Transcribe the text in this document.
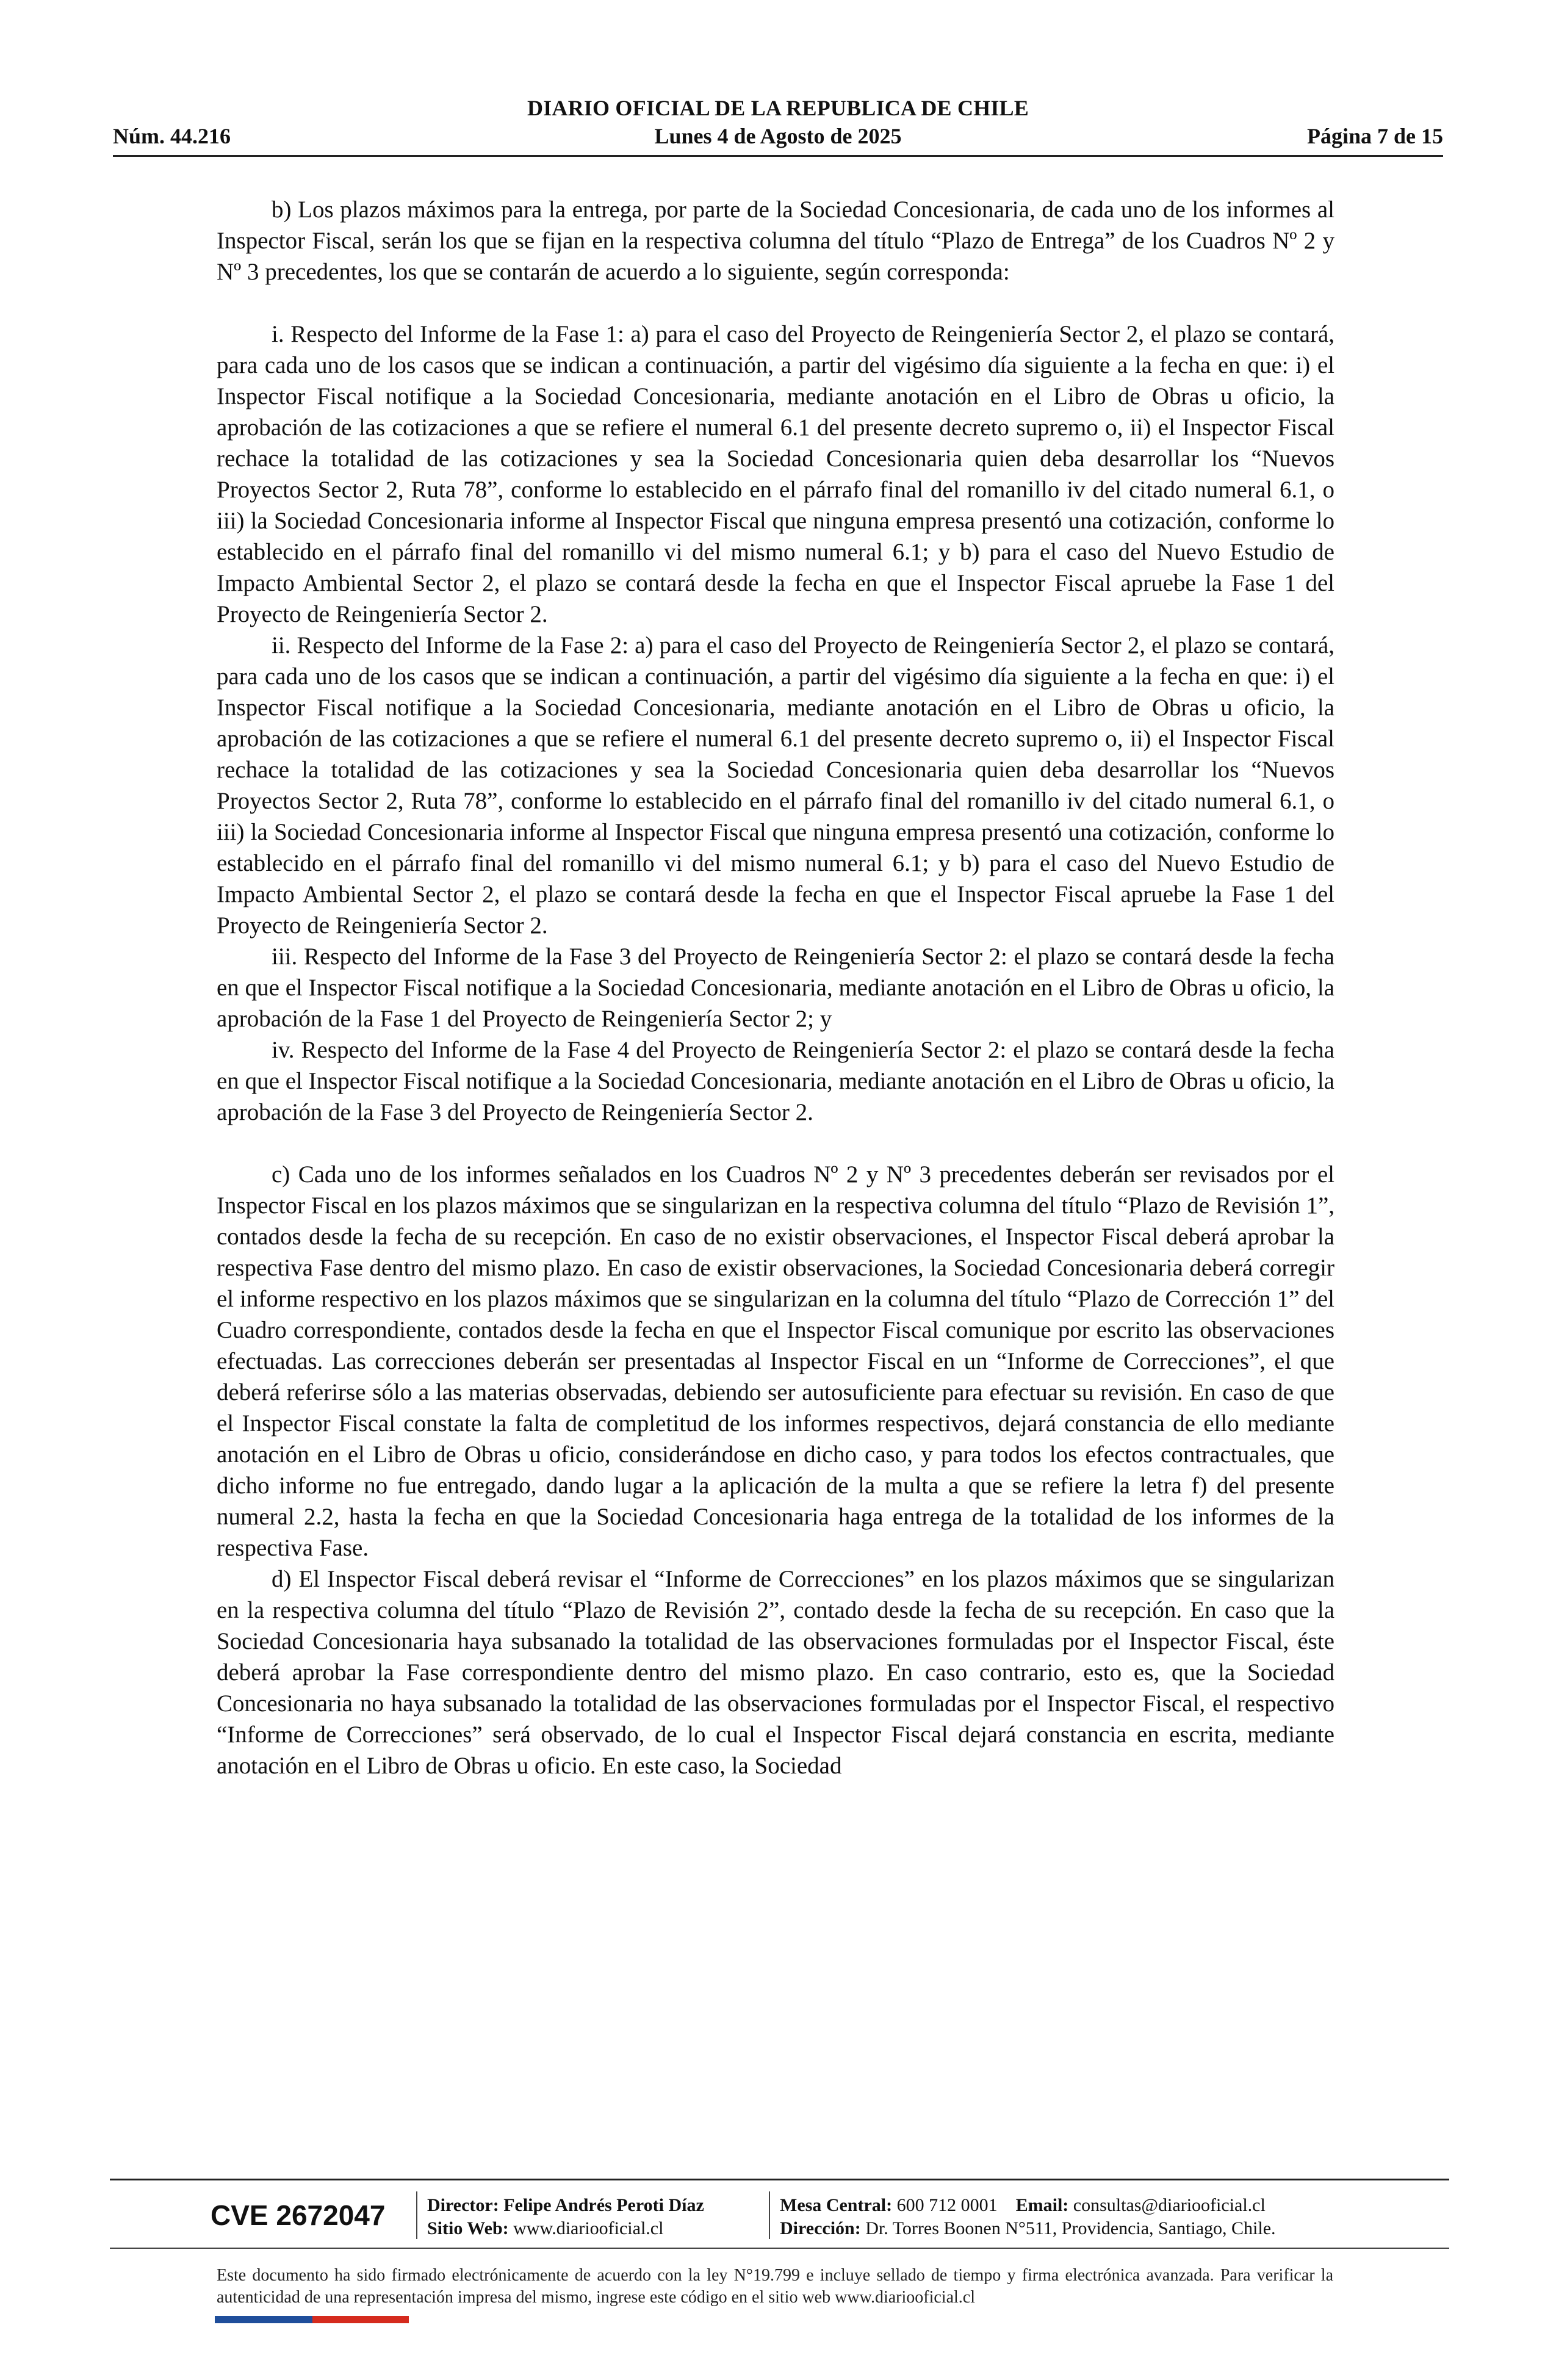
DIARIO OFICIAL DE LA REPUBLICA DE CHILE
Núm. 44.216	Lunes 4 de Agosto de 2025	Página 7 de 15

b) Los plazos máximos para la entrega, por parte de la Sociedad Concesionaria, de cada uno de los informes al Inspector Fiscal, serán los que se fijan en la respectiva columna del título “Plazo de Entrega” de los Cuadros Nº 2 y Nº 3 precedentes, los que se contarán de acuerdo a lo siguiente, según corresponda:

i. Respecto del Informe de la Fase 1: a) para el caso del Proyecto de Reingeniería Sector 2, el plazo se contará, para cada uno de los casos que se indican a continuación, a partir del vigésimo día siguiente a la fecha en que: i) el Inspector Fiscal notifique a la Sociedad Concesionaria, mediante anotación en el Libro de Obras u oficio, la aprobación de las cotizaciones a que se refiere el numeral 6.1 del presente decreto supremo o, ii) el Inspector Fiscal rechace la totalidad de las cotizaciones y sea la Sociedad Concesionaria quien deba desarrollar los “Nuevos Proyectos Sector 2, Ruta 78”, conforme lo establecido en el párrafo final del romanillo iv del citado numeral 6.1, o iii) la Sociedad Concesionaria informe al Inspector Fiscal que ninguna empresa presentó una cotización, conforme lo establecido en el párrafo final del romanillo vi del mismo numeral 6.1; y b) para el caso del Nuevo Estudio de Impacto Ambiental Sector 2, el plazo se contará desde la fecha en que el Inspector Fiscal apruebe la Fase 1 del Proyecto de Reingeniería Sector 2.

ii. Respecto del Informe de la Fase 2: a) para el caso del Proyecto de Reingeniería Sector 2, el plazo se contará, para cada uno de los casos que se indican a continuación, a partir del vigésimo día siguiente a la fecha en que: i) el Inspector Fiscal notifique a la Sociedad Concesionaria, mediante anotación en el Libro de Obras u oficio, la aprobación de las cotizaciones a que se refiere el numeral 6.1 del presente decreto supremo o, ii) el Inspector Fiscal rechace la totalidad de las cotizaciones y sea la Sociedad Concesionaria quien deba desarrollar los “Nuevos Proyectos Sector 2, Ruta 78”, conforme lo establecido en el párrafo final del romanillo iv del citado numeral 6.1, o iii) la Sociedad Concesionaria informe al Inspector Fiscal que ninguna empresa presentó una cotización, conforme lo establecido en el párrafo final del romanillo vi del mismo numeral 6.1; y b) para el caso del Nuevo Estudio de Impacto Ambiental Sector 2, el plazo se contará desde la fecha en que el Inspector Fiscal apruebe la Fase 1 del Proyecto de Reingeniería Sector 2.

iii. Respecto del Informe de la Fase 3 del Proyecto de Reingeniería Sector 2: el plazo se contará desde la fecha en que el Inspector Fiscal notifique a la Sociedad Concesionaria, mediante anotación en el Libro de Obras u oficio, la aprobación de la Fase 1 del Proyecto de Reingeniería Sector 2; y

iv. Respecto del Informe de la Fase 4 del Proyecto de Reingeniería Sector 2: el plazo se contará desde la fecha en que el Inspector Fiscal notifique a la Sociedad Concesionaria, mediante anotación en el Libro de Obras u oficio, la aprobación de la Fase 3 del Proyecto de Reingeniería Sector 2.

c) Cada uno de los informes señalados en los Cuadros Nº 2 y Nº 3 precedentes deberán ser revisados por el Inspector Fiscal en los plazos máximos que se singularizan en la respectiva columna del título “Plazo de Revisión 1”, contados desde la fecha de su recepción. En caso de no existir observaciones, el Inspector Fiscal deberá aprobar la respectiva Fase dentro del mismo plazo. En caso de existir observaciones, la Sociedad Concesionaria deberá corregir el informe respectivo en los plazos máximos que se singularizan en la columna del título “Plazo de Corrección 1” del Cuadro correspondiente, contados desde la fecha en que el Inspector Fiscal comunique por escrito las observaciones efectuadas. Las correcciones deberán ser presentadas al Inspector Fiscal en un “Informe de Correcciones”, el que deberá referirse sólo a las materias observadas, debiendo ser autosuficiente para efectuar su revisión. En caso de que el Inspector Fiscal constate la falta de completitud de los informes respectivos, dejará constancia de ello mediante anotación en el Libro de Obras u oficio, considerándose en dicho caso, y para todos los efectos contractuales, que dicho informe no fue entregado, dando lugar a la aplicación de la multa a que se refiere la letra f) del presente numeral 2.2, hasta la fecha en que la Sociedad Concesionaria haga entrega de la totalidad de los informes de la respectiva Fase.

d) El Inspector Fiscal deberá revisar el “Informe de Correcciones” en los plazos máximos que se singularizan en la respectiva columna del título “Plazo de Revisión 2”, contado desde la fecha de su recepción. En caso que la Sociedad Concesionaria haya subsanado la totalidad de las observaciones formuladas por el Inspector Fiscal, éste deberá aprobar la Fase correspondiente dentro del mismo plazo. En caso contrario, esto es, que la Sociedad Concesionaria no haya subsanado la totalidad de las observaciones formuladas por el Inspector Fiscal, el respectivo “Informe de Correcciones” será observado, de lo cual el Inspector Fiscal dejará constancia en escrita, mediante anotación en el Libro de Obras u oficio. En este caso, la Sociedad

CVE 2672047 Director: Felipe Andrés Peroti Díaz
Sitio Web: www.diariooficial.cl
Mesa Central: 600 712 0001 Email: consultas@diariooficial.cl
Dirección: Dr. Torres Boonen N°511, Providencia, Santiago, Chile.

Este documento ha sido firmado electrónicamente de acuerdo con la ley N°19.799 e incluye sellado de tiempo y firma electrónica avanzada. Para verificar la autenticidad de una representación impresa del mismo, ingrese este código en el sitio web www.diariooficial.cl
